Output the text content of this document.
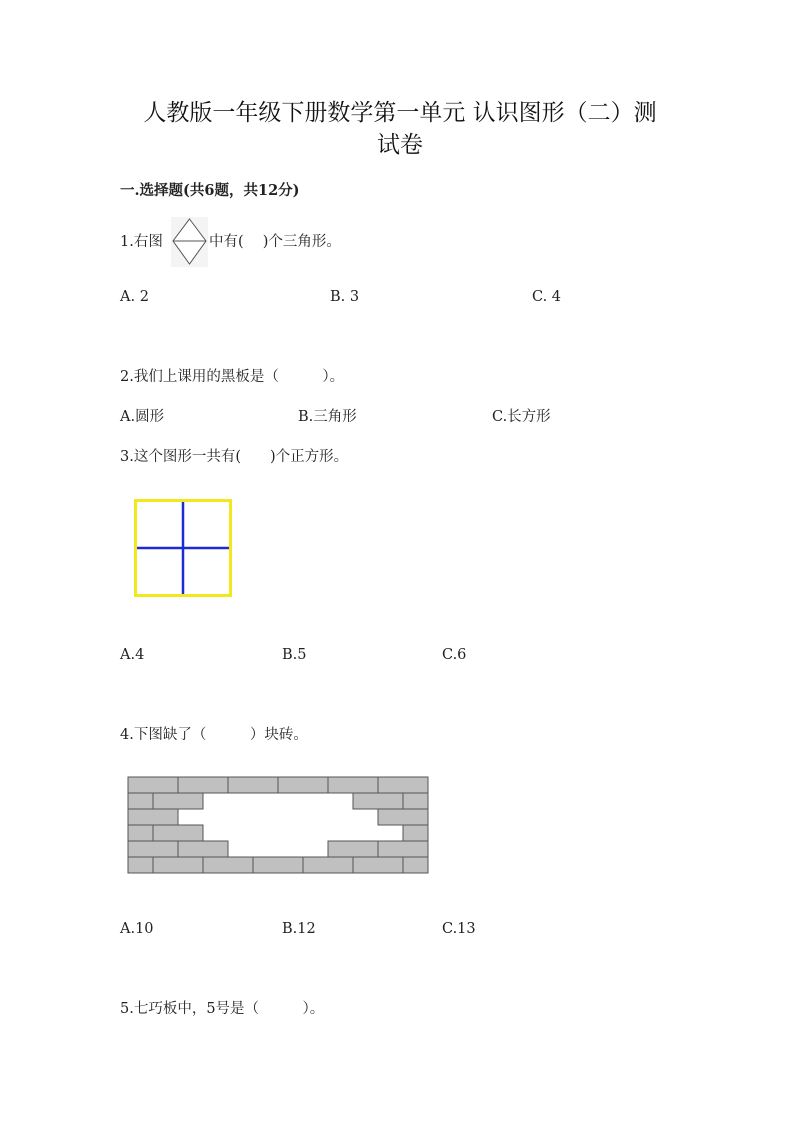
人教版一年级下册数学第一单元 认识图形（二）测
试卷
一.选择题(共6题，共12分)
1.右图	中有(　 )个三角形。
A. 2	B. 3	C. 4
2.我们上课用的黑板是（　　　）。
A.圆形	B.三角形	C.长方形
3.这个图形一共有(　　)个正方形。
A.4	B.5	C.6
4.下图缺了（　　　）块砖。
A.10	B.12	C.13
5.七巧板中，5号是（　　　）。
